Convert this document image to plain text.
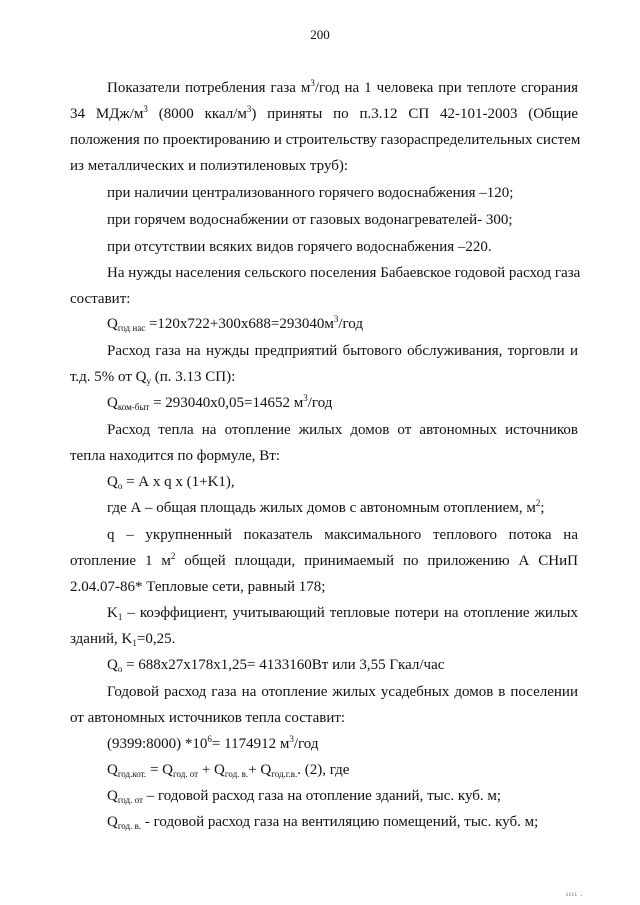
200
Показатели потребления газа $м^3$/год на 1 человека при теплоте сгорания
34 МДж/$м^3$ (8000 ккал/$м^3$) приняты по п.3.12 СП 42-101-2003 (Общие
положения по проектированию и строительству газораспределительных систем
из металлических и полиэтиленовых труб):
при наличии централизованного горячего водоснабжения –120;
при горячем водоснабжении от газовых водонагревателей- 300;
при отсутствии всяких видов горячего водоснабжения –220.
На нужды населения сельского поселения Бабаевское годовой расход газа
составит:
$Q_{год нас} =120х722+300х688=293040м^3/год$
Расход газа на нужды предприятий бытового обслуживания, торговли и
т.д. 5% от $Q_у$ (п. 3.13 СП):
$Q_{ком-быт} = 293040х0,05=14652$ $м^3$/год
Расход тепла на отопление жилых домов от автономных источников
тепла находится по формуле, Вт:
$Q_о = А$ х q х (1+K1),
где А – общая площадь жилых домов с автономным отоплением, $м^2$;
q – укрупненный показатель максимального теплового потока на
отопление 1 $м^2$ общей площади, принимаемый по приложению А СНиП
2.04.07-86* Тепловые сети, равный 178;
$K_1$ – коэффициент, учитывающий тепловые потери на отопление жилых
зданий, $K_1=0,25$.
$Q_о = 688х27х178х1,25= 4133160Вт$ или 3,55 Гкал/час
Годовой расход газа на отопление жилых усадебных домов в поселении
от автономных источников тепла составит:
(9399:8000) $*10^6= 1174912$ $м^3$/год
$Q_{год.кот.} = Q_{год. от} + Q_{год. в.}+ Q_{год.г.в.}$. (2), где
$Q_{год. от}$ – годовой расход газа на отопление зданий, тыс. куб. м;
$Q_{год. в.}$ - годовой расход газа на вентиляцию помещений, тыс. куб. м;
ıııı .
